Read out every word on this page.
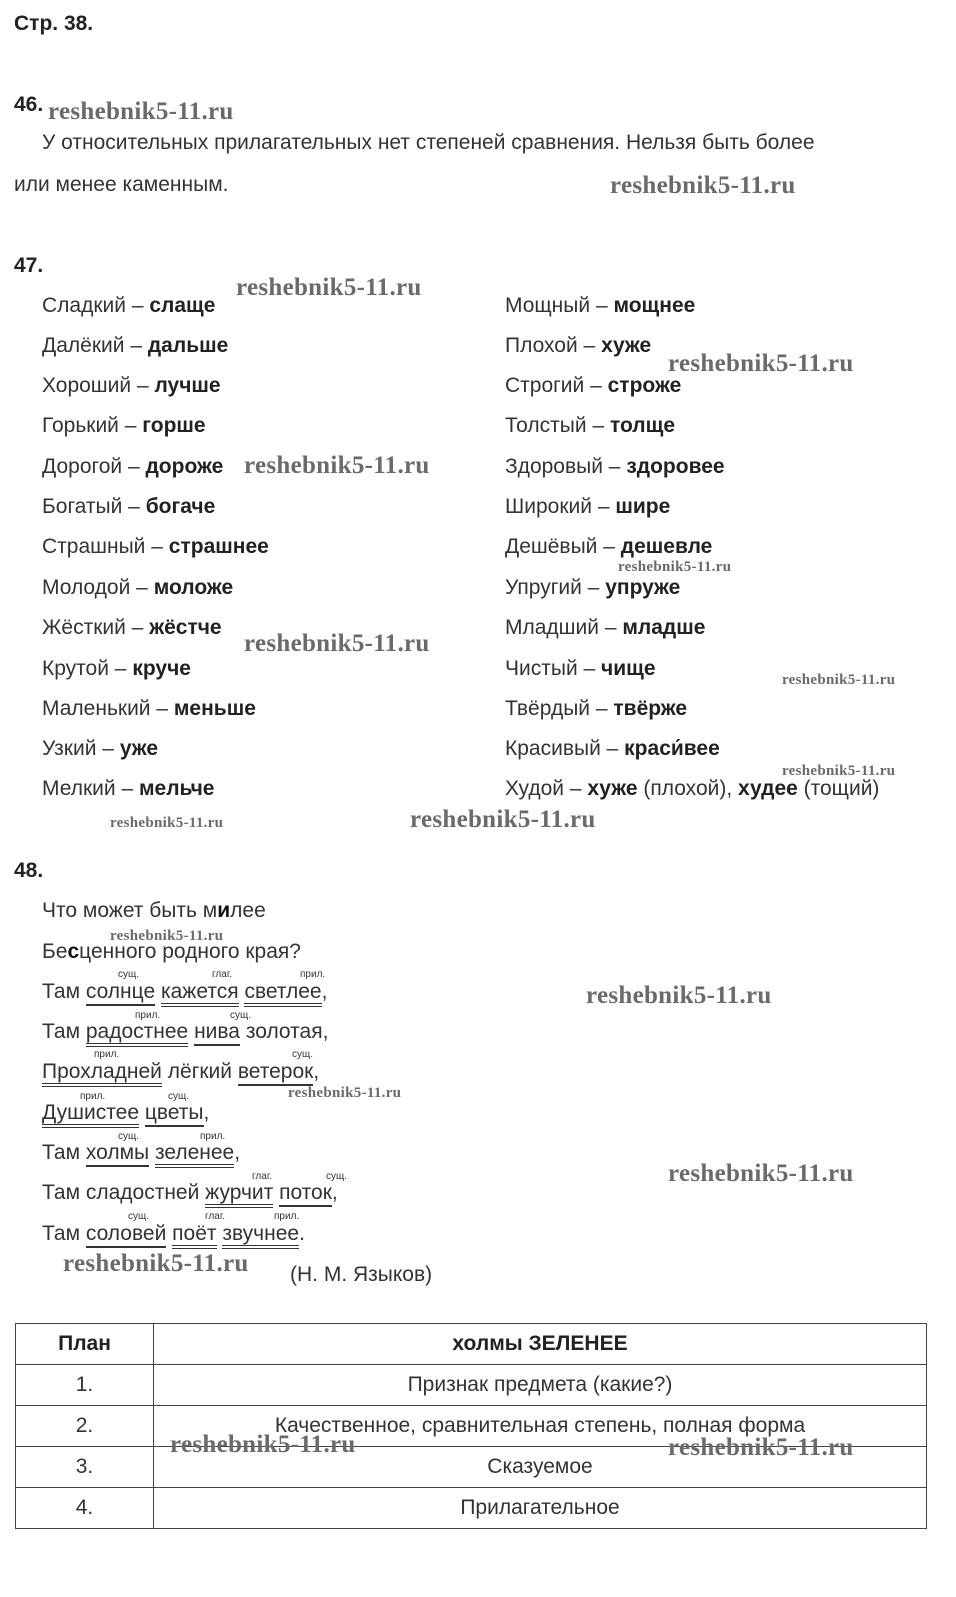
Стр. 38.
46.
У относительных прилагательных нет степеней сравнения. Нельзя быть более
или менее каменным.
47.
Сладкий – слаще
Далёкий – дальше
Хороший – лучше
Горький – горше
Дорогой – дороже
Богатый – богаче
Страшный – страшнее
Молодой – моложе
Жёсткий – жёстче
Крутой – круче
Маленький – меньше
Узкий – уже
Мелкий – мельче
Мощный – мощнее
Плохой – хуже
Строгий – строже
Толстый – толще
Здоровый – здоровее
Широкий – шире
Дешёвый – дешевле
Упругий – упруже
Младший – младше
Чистый – чище
Твёрдый – твёрже
Красивый – краси́вее
Худой – хуже (плохой), худее (тощий)
48.
Что может быть милее
Бесценного родного края?
сущ.	глаг.	прил.
Там солнце кажется светлее,
прил.	сущ.
Там радостнее нива золотая,
прил.	сущ.
Прохладней лёгкий ветерок,
прил.	сущ.
Душистее цветы,
сущ.	прил.
Там холмы зеленее,
глаг.	сущ.
Там сладостней журчит поток,
сущ.	глаг.	прил.
Там соловей поёт звучнее.
(Н. М. Языков)
План	холмы ЗЕЛЕНЕЕ
1.	Признак предмета (какие?)
2.	Качественное, сравнительная степень, полная форма
3.	Сказуемое
4.	Прилагательное
reshebnik5-11.ru
reshebnik5-11.ru
reshebnik5-11.ru
reshebnik5-11.ru
reshebnik5-11.ru
reshebnik5-11.ru
reshebnik5-11.ru
reshebnik5-11.ru
reshebnik5-11.ru
reshebnik5-11.ru
reshebnik5-11.ru
reshebnik5-11.ru
reshebnik5-11.ru
reshebnik5-11.ru
reshebnik5-11.ru
reshebnik5-11.ru
reshebnik5-11.ru	reshebnik5-11.ru
